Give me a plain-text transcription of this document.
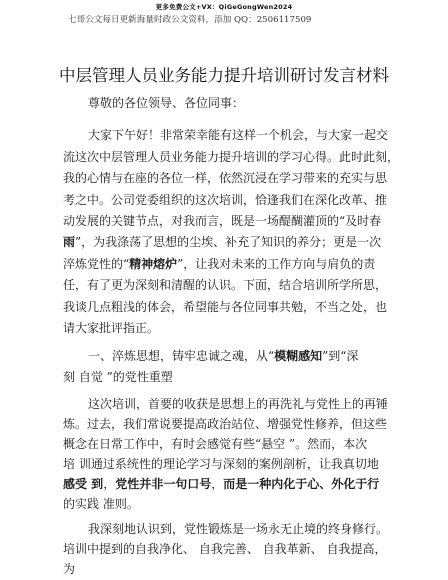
更多免费公文+VX：QiGeGongWen2024
七哥公文每日更新海量时政公文资料，添加 QQ：2506117509
中层管理人员业务能力提升培训研讨发言材料
尊敬的各位领导、各位同事：
大家下午好！非常荣幸能有这样一个机会，与大家一起交
流这次中层管理人员业务能力提升培训的学习心得。此时此刻，
我的心情与在座的各位一样，依然沉浸在学习带来的充实与思
考之中。公司党委组织的这次培训，恰逢我们在深化改革、推
动发展的关键节点，对我而言，既是一场醍醐灌顶的“及时春
雨”，为我涤荡了思想的尘埃、补充了知识的养分；更是一次
淬炼党性的“精神熔炉”，让我对未来的工作方向与肩负的责
任，有了更为深刻和清醒的认识。下面，结合培训所学所思，
我谈几点粗浅的体会，希望能与各位同事共勉，不当之处，也
请大家批评指正。
一、淬炼思想，铸牢忠诚之魂，从“模糊感知”到“深
刻 自觉 ”的党性重塑
这次培训，首要的收获是思想上的再洗礼与党性上的再锤
炼。过去，我们常说要提高政治站位、增强党性修养，但这些
概念在日常工作中，有时会感觉有些“悬空 ”。然而，本次
培 训通过系统性的理论学习与深刻的案例剖析，让我真切地
感受 到，党性并非一句口号，而是一种内化于心、外化于行
的实践 准则。
我深刻地认识到，党性锻炼是一场永无止境的终身修行。
培训中提到的自我净化、 自我完善、 自我革新、 自我提高，
为
